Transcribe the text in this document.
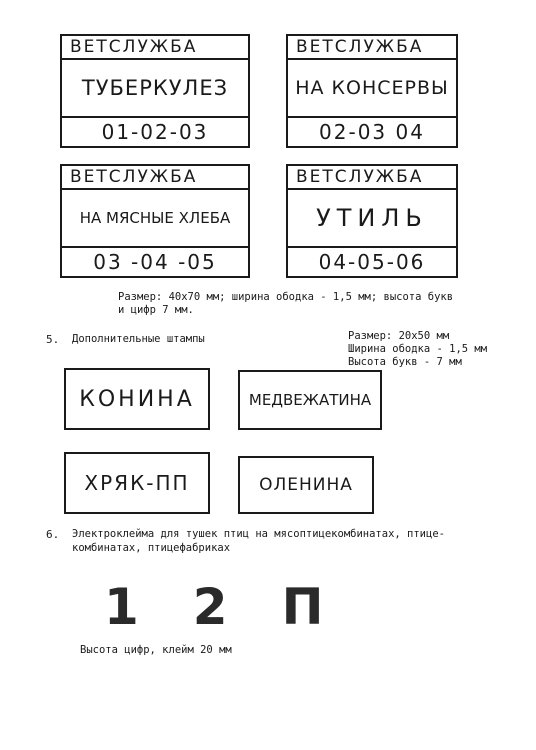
ВЕТСЛУЖБА
ТУБЕРКУЛЕЗ
01-02-03
ВЕТСЛУЖБА
НА КОНСЕРВЫ
02-03 04
ВЕТСЛУЖБА
НА МЯСНЫЕ ХЛЕБА
03 -04 -05
ВЕТСЛУЖБА
УТИЛЬ
04-05-06
Размер: 40х70 мм; ширина ободка - 1,5 мм; высота букв
и цифр 7 мм.
5. Дополнительные штампы	Размер: 20х50 мм
Ширина ободка - 1,5 мм
Высота букв - 7 мм
КОНИНА	МЕДВЕЖАТИНА
ХРЯК-ПП	ОЛЕНИНА
6. Электроклейма для тушек птиц на мясоптицекомбинатах, птице-
комбинатах, птицефабриках
1 2 П
Высота цифр, клейм 20 мм
